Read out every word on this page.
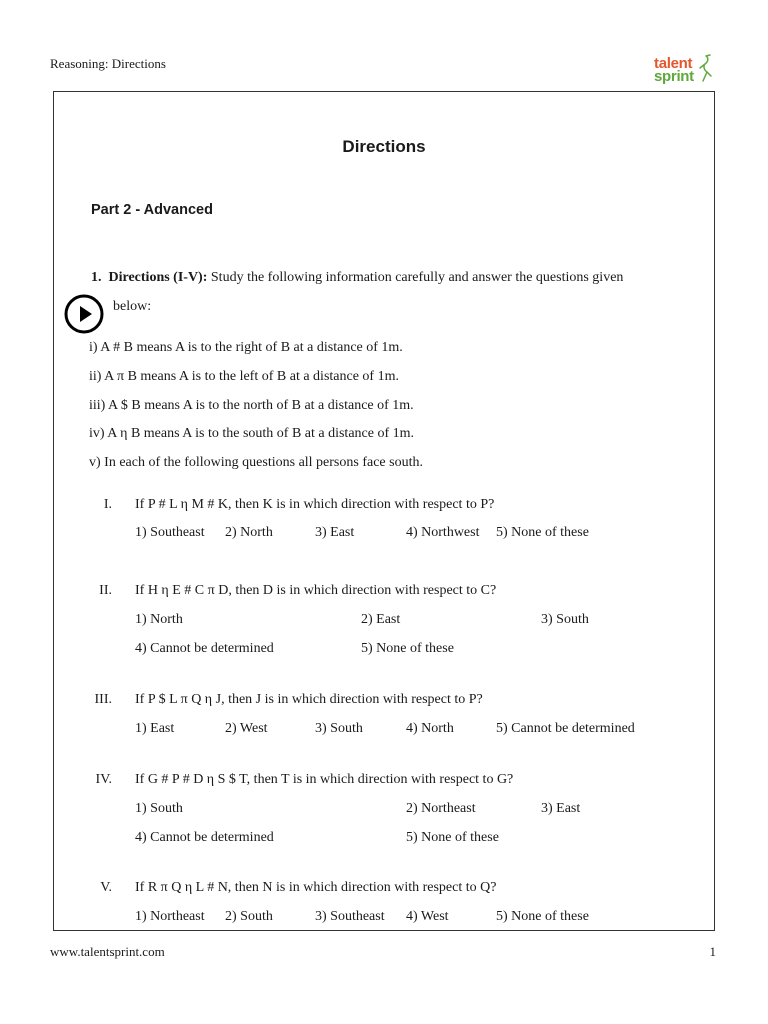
Reasoning: Directions	talent
sprint
Directions
Part 2 - Advanced
1. Directions (I-V): Study the following information carefully and answer the questions given
below:
i) A # B means A is to the right of B at a distance of 1m.
ii) A π B means A is to the left of B at a distance of 1m.
iii) A $ B means A is to the north of B at a distance of 1m.
iv) A η B means A is to the south of B at a distance of 1m.
v) In each of the following questions all persons face south.
I. If P # L η M # K, then K is in which direction with respect to P?
1) Southeast 2) North	3) East	4) Northwest 5) None of these
II. If H η E # C π D, then D is in which direction with respect to C?
1) North	2) East	3) South
4) Cannot be determined	5) None of these
III. If P $ L π Q η J, then J is in which direction with respect to P?
1) East	2) West	3) South	4) North	5) Cannot be determined
IV. If G # P # D η S $ T, then T is in which direction with respect to G?
1) South	2) Northeast	3) East
4) Cannot be determined	5) None of these
V. If R π Q η L # N, then N is in which direction with respect to Q?
1) Northeast 2) South	3) Southeast 4) West	5) None of these
www.talentsprint.com	1
